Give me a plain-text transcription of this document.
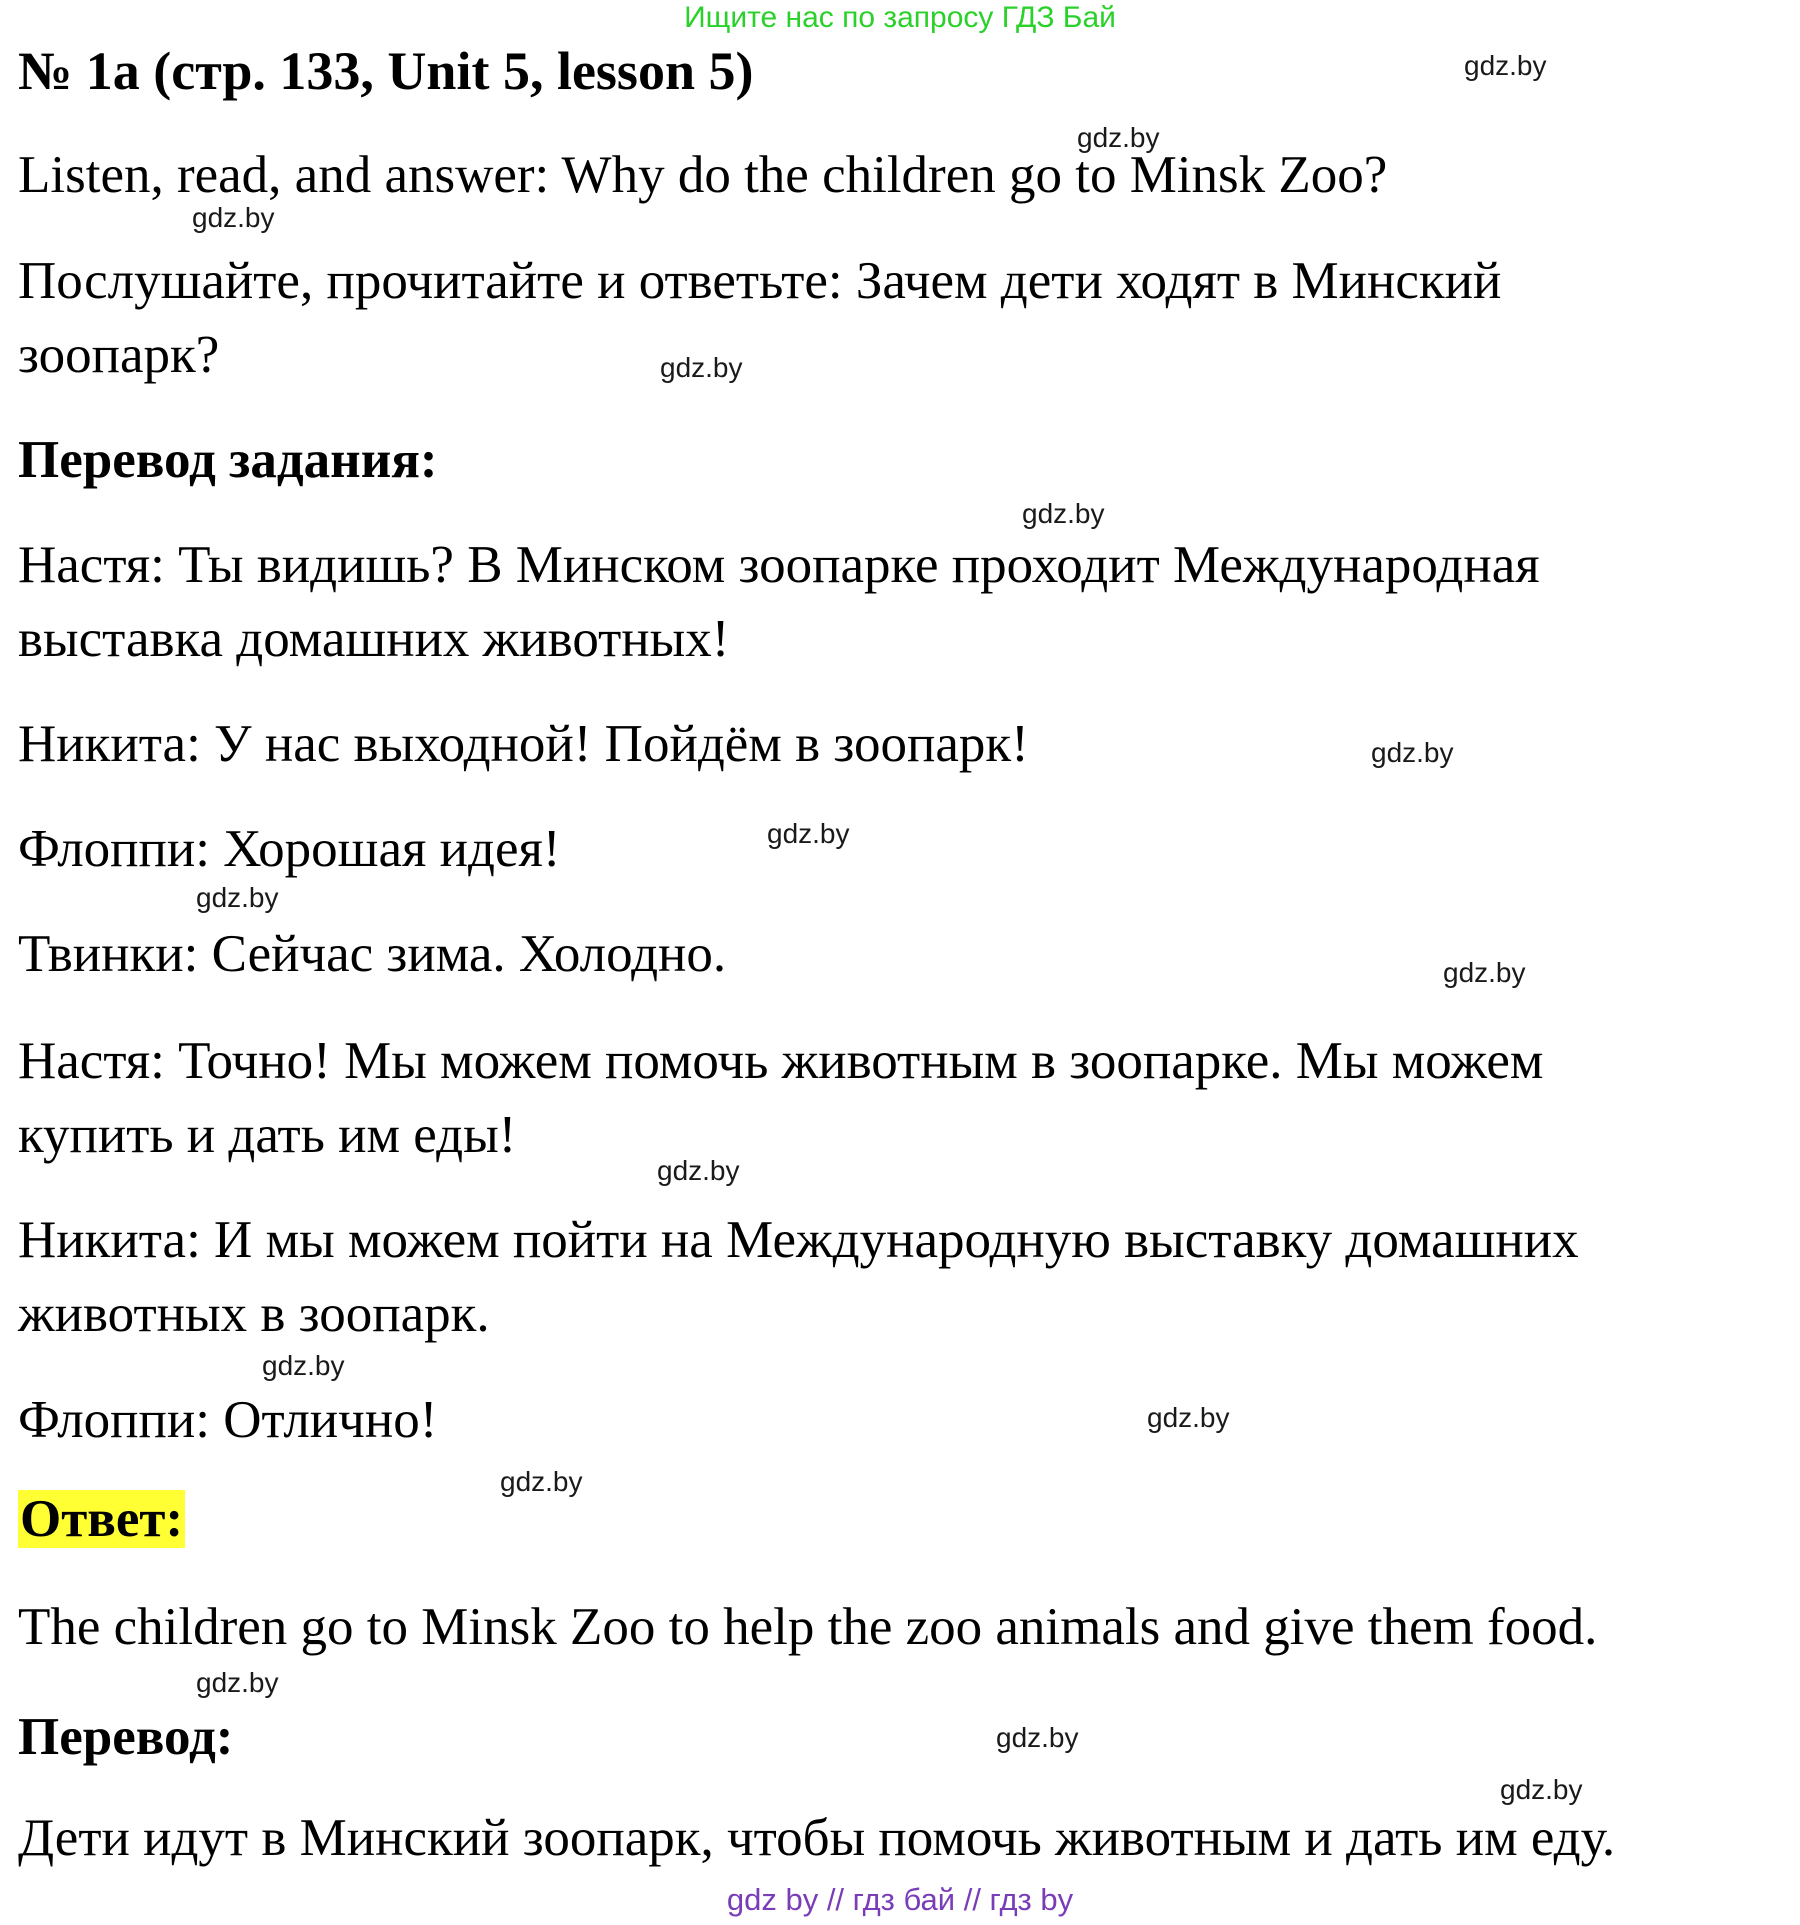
Ищите нас по запросу ГДЗ Бай
№ 1а (стр. 133, Unit 5, lesson 5)
Listen, read, and answer: Why do the children go to Minsk Zoo?
Послушайте, прочитайте и ответьте: Зачем дети ходят в Минский
зоопарк?
Перевод задания:
Настя: Ты видишь? В Минском зоопарке проходит Международная
выставка домашних животных!
Никита: У нас выходной! Пойдём в зоопарк!
Флоппи: Хорошая идея!
Твинки: Сейчас зима. Холодно.
Настя: Точно! Мы можем помочь животным в зоопарке. Мы можем
купить и дать им еды!
Никита: И мы можем пойти на Международную выставку домашних
животных в зоопарк.
Флоппи: Отлично!
Ответ:
The children go to Minsk Zoo to help the zoo animals and give them food.
Перевод:
Дети идут в Минский зоопарк, чтобы помочь животным и дать им еду.
gdz.by
gdz.by
gdz.by
gdz.by
gdz.by
gdz.by
gdz.by
gdz.by
gdz.by
gdz.by
gdz.by
gdz.by
gdz.by
gdz.by
gdz.by
gdz.by
gdz by // гдз бай // гдз by
